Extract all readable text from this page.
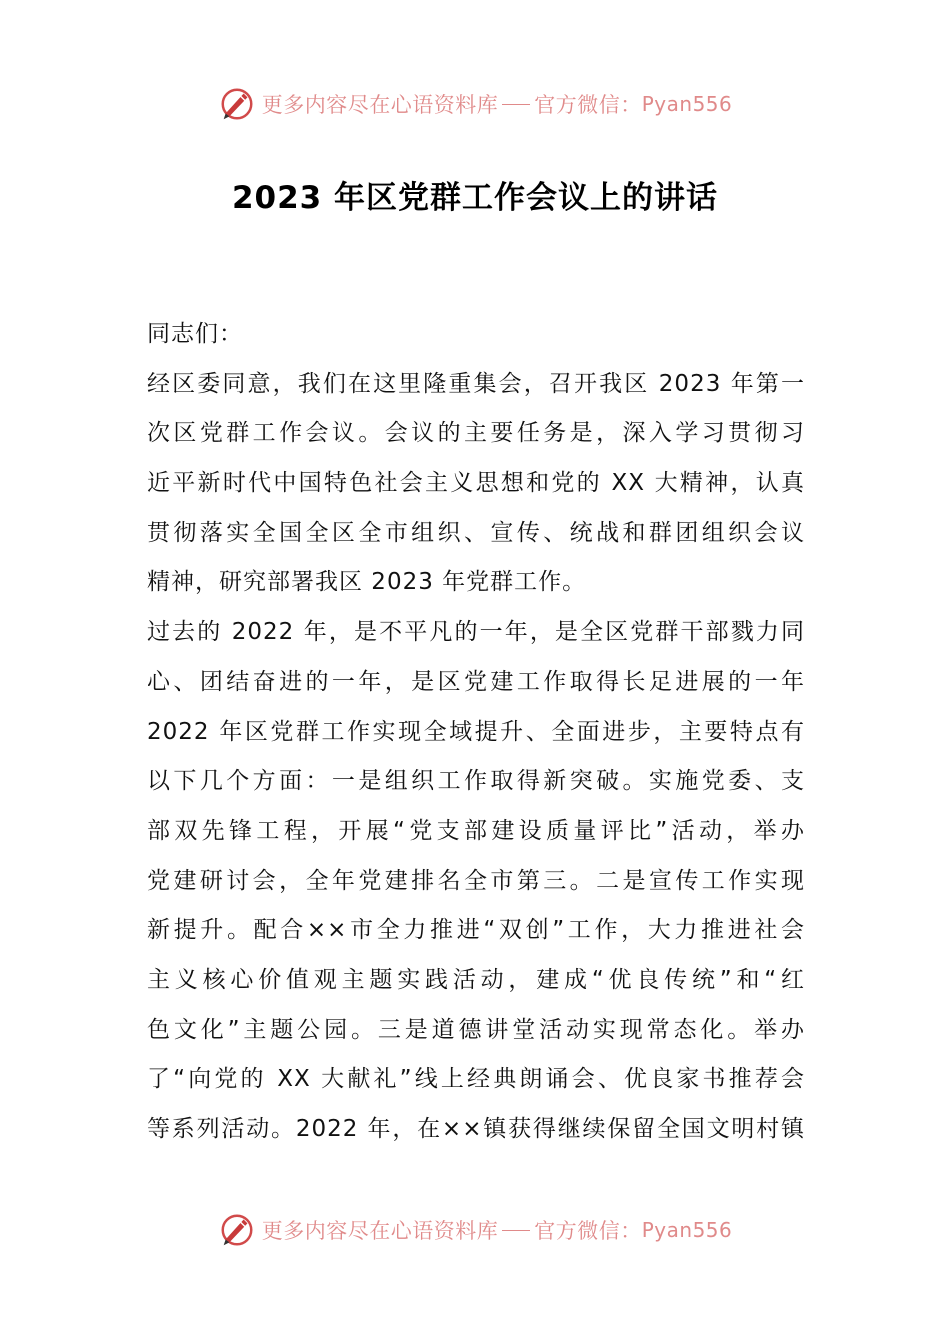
更多内容尽在心语资料库 官方微信： Pyan556
2023 年区党群工作会议上的讲话
同志们：
经区委同意，我们在这里隆重集会，召开我区 2023 年第一
次区党群工作会议。会议的主要任务是，深入学习贯彻习
近平新时代中国特色社会主义思想和党的 XX 大精神，认真
贯彻落实全国全区全市组织、宣传、统战和群团组织会议
精神，研究部署我区 2023 年党群工作。
过去的 2022 年，是不平凡的一年，是全区党群干部戮力同
心、团结奋进的一年，是区党建工作取得长足进展的一年
2022 年区党群工作实现全域提升、全面进步，主要特点有
以下几个方面：一是组织工作取得新突破。实施党委、支
部双先锋工程，开展“党支部建设质量评比”活动，举办
党建研讨会，全年党建排名全市第三。二是宣传工作实现
新提升。配合××市全力推进“双创”工作，大力推进社会
主义核心价值观主题实践活动，建成“优良传统”和“红
色文化”主题公园。三是道德讲堂活动实现常态化。举办
了“向党的 XX 大献礼”线上经典朗诵会、优良家书推荐会
等系列活动。2022 年，在××镇获得继续保留全国文明村镇
更多内容尽在心语资料库 官方微信： Pyan556
